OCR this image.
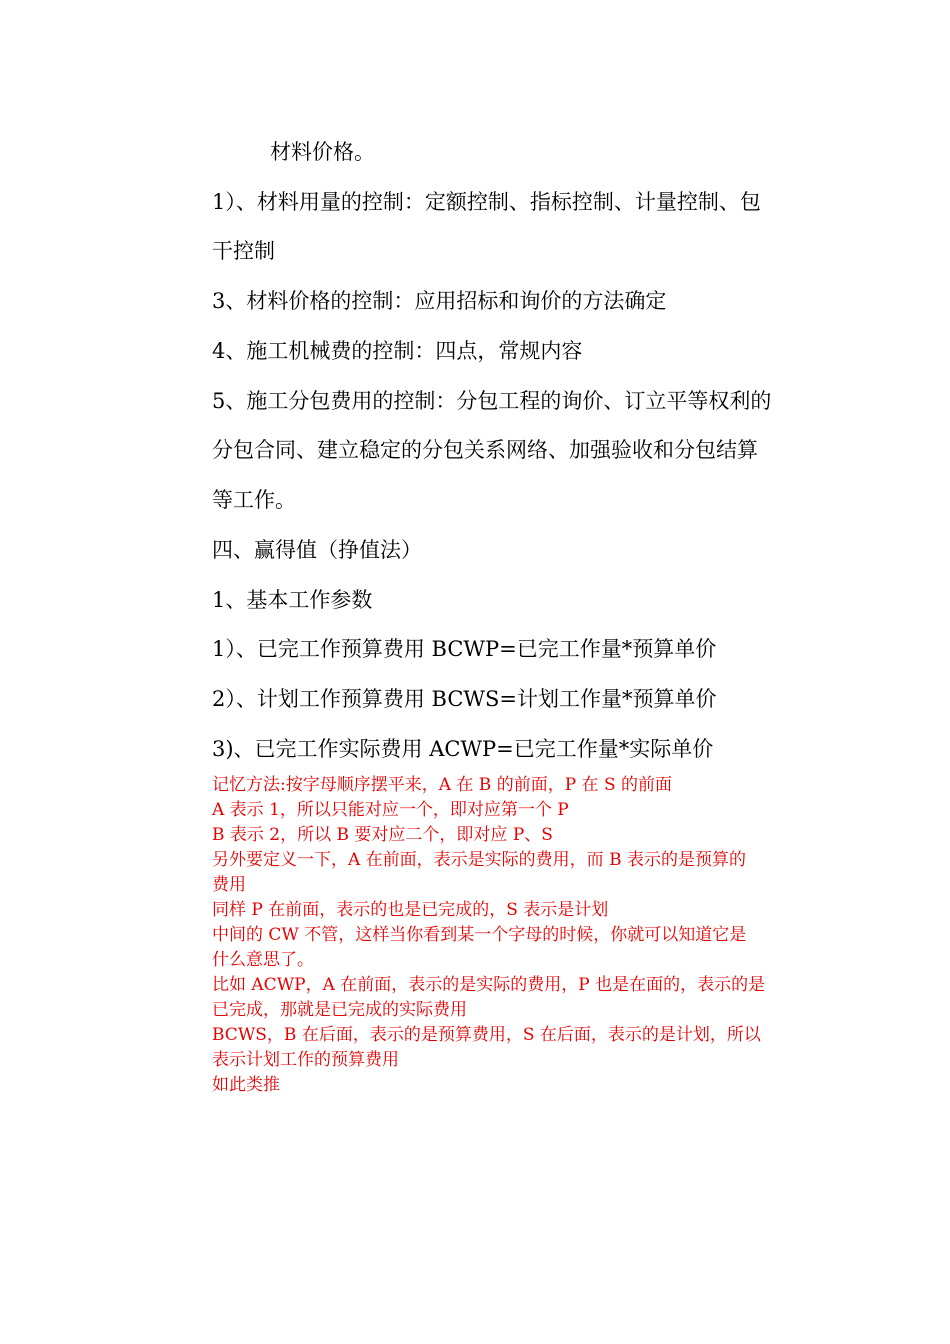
材料价格。
1）、材料用量的控制：定额控制、指标控制、计量控制、包
干控制
3、材料价格的控制：应用招标和询价的方法确定
4、施工机械费的控制：四点，常规内容
5、施工分包费用的控制：分包工程的询价、订立平等权利的
分包合同、建立稳定的分包关系网络、加强验收和分包结算
等工作。
四、赢得值（挣值法）
1、基本工作参数
1）、已完工作预算费用 BCWP=已完工作量*预算单价
2）、计划工作预算费用 BCWS=计划工作量*预算单价
3)、已完工作实际费用 ACWP=已完工作量*实际单价
记忆方法:按字母顺序摆平来，A 在 B 的前面，P 在 S 的前面
A 表示 1，所以只能对应一个，即对应第一个 P
B 表示 2，所以 B 要对应二个，即对应 P、S
另外要定义一下，A 在前面，表示是实际的费用，而 B 表示的是预算的
费用
同样 P 在前面，表示的也是已完成的，S 表示是计划
中间的 CW 不管，这样当你看到某一个字母的时候，你就可以知道它是
什么意思了。
比如 ACWP，A 在前面，表示的是实际的费用，P 也是在面的，表示的是
已完成，那就是已完成的实际费用
BCWS，B 在后面，表示的是预算费用，S 在后面，表示的是计划，所以
表示计划工作的预算费用
如此类推
